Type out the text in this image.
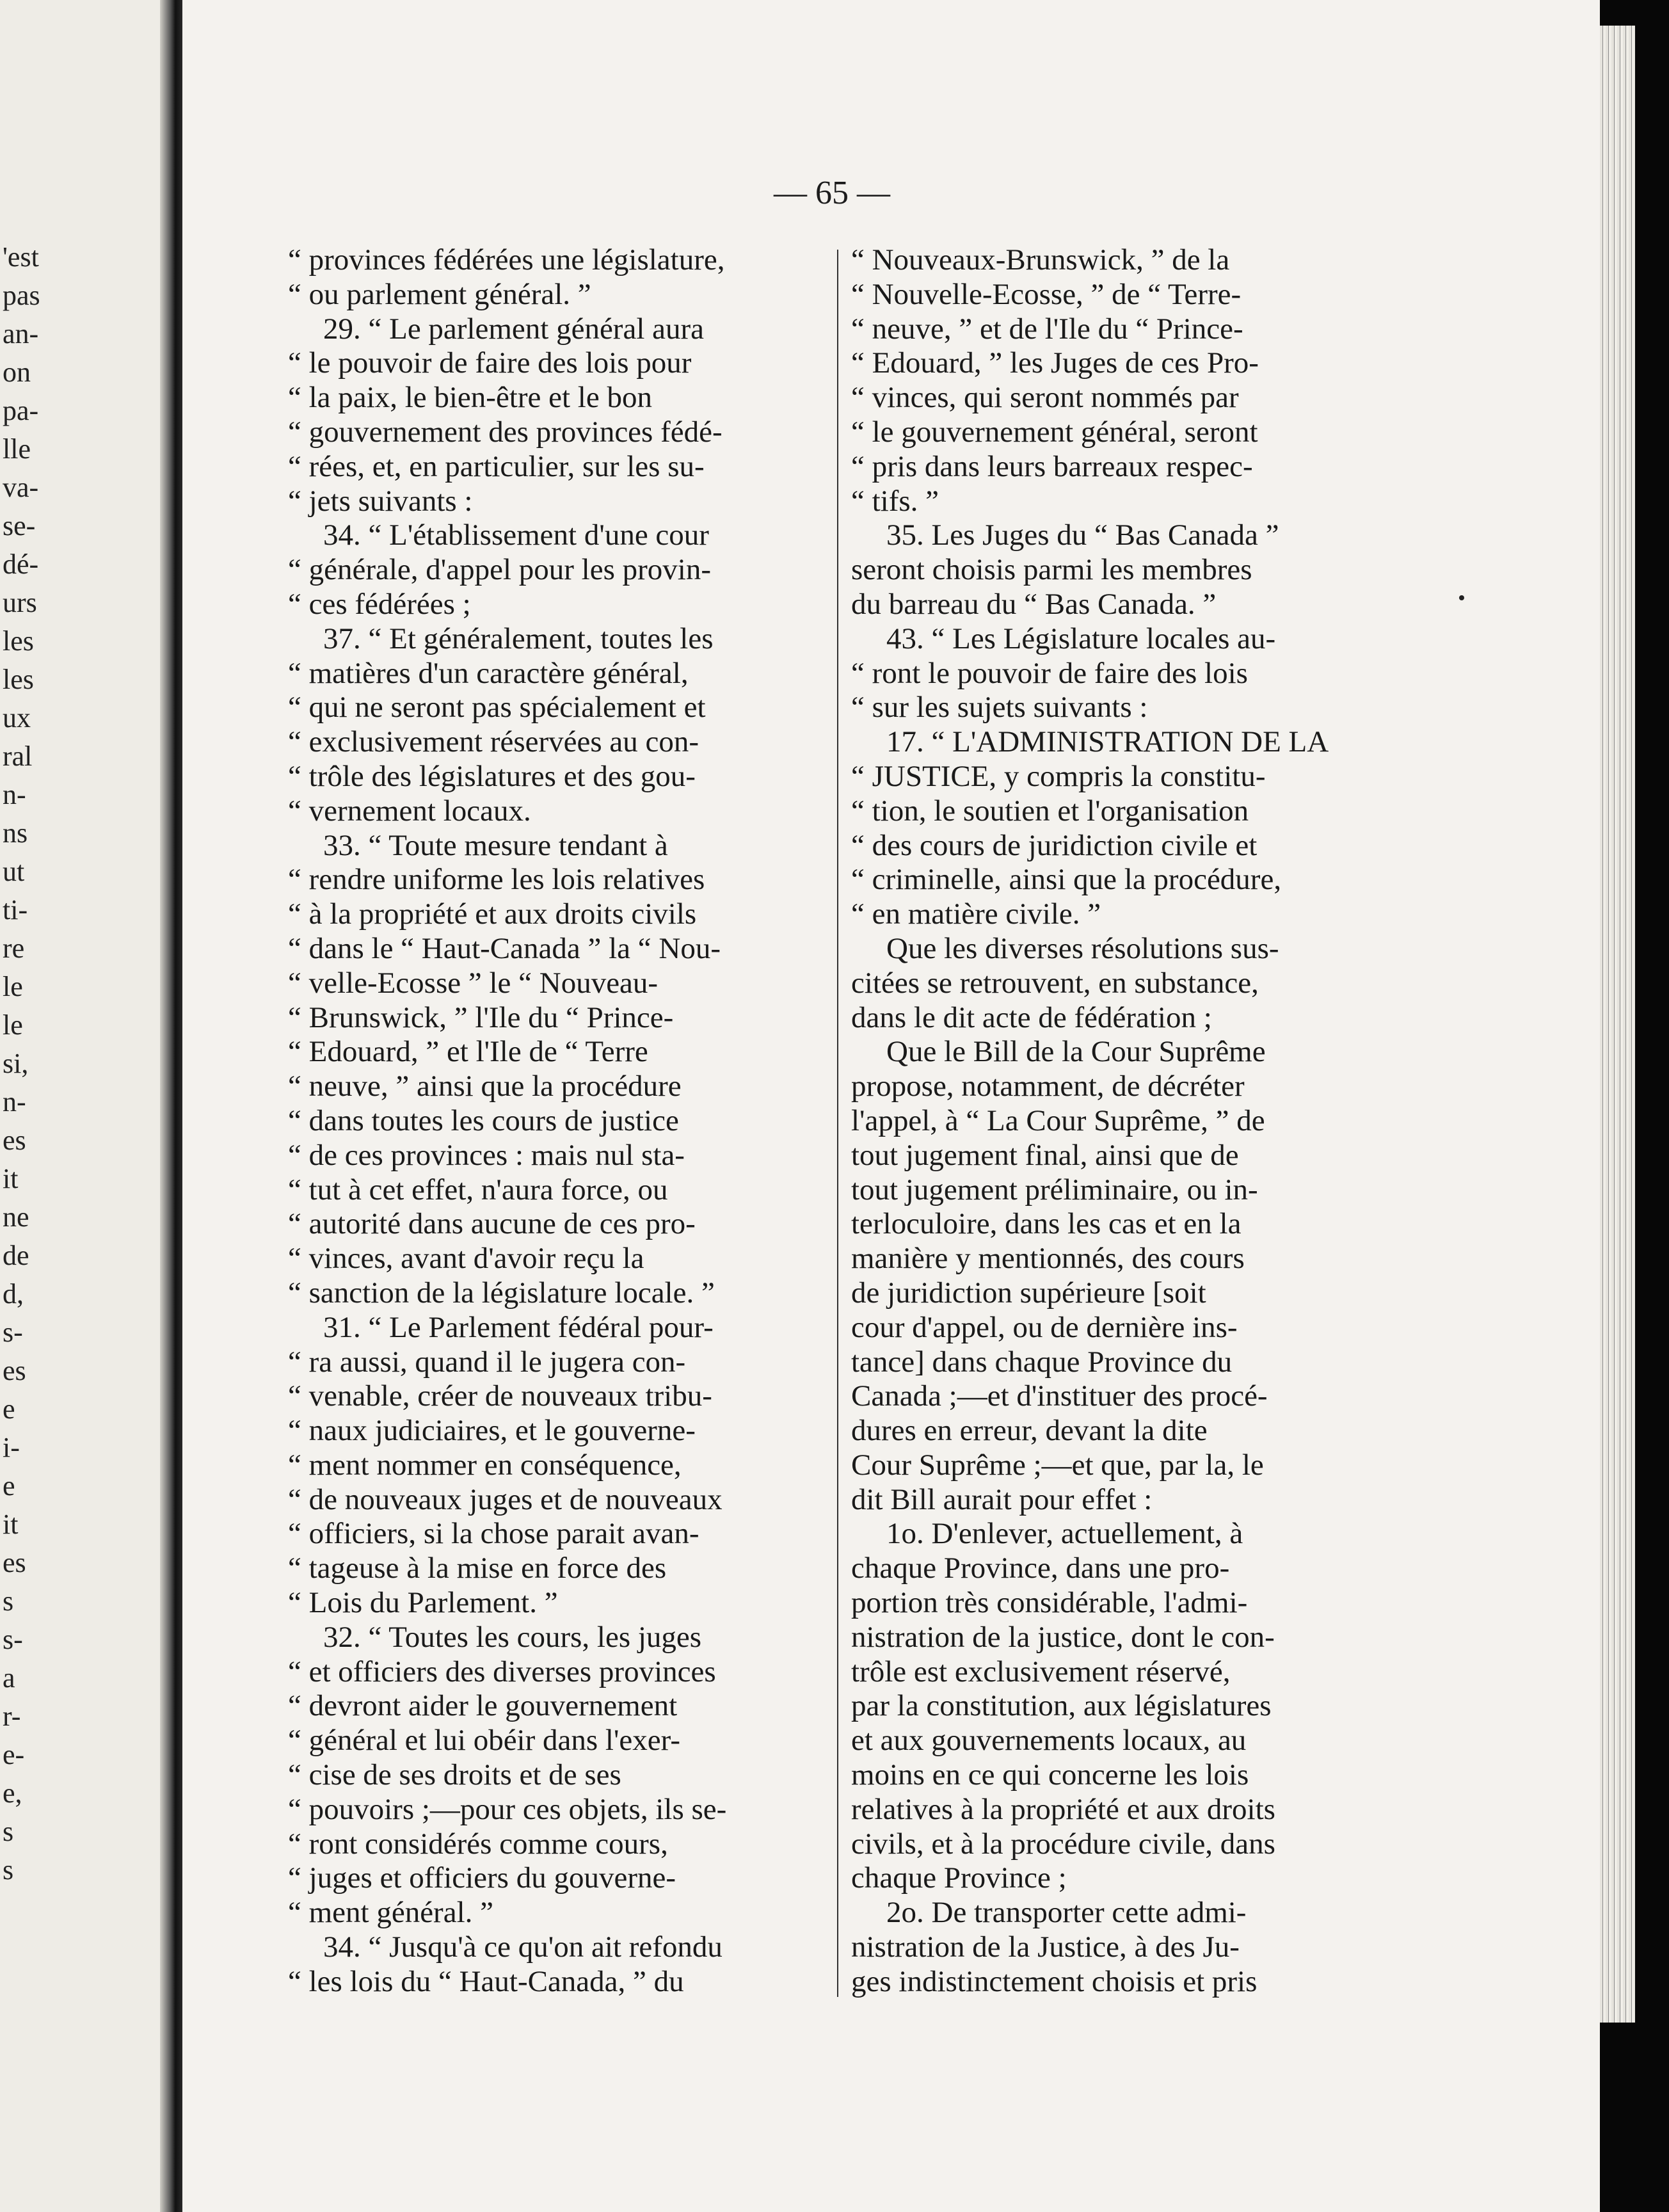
'est
pas
an-
on
pa-
lle
va-
se-
dé-
urs
les
les
ux
ral
n-
ns
ut
ti-
re
le
le
si,
n-
es
it
ne
de
d,
s-
es
e
i-
e
it
es
s
s-
a
r-
e-
e,
s
s
— 65 —
“ provinces fédérées une législature,
“ ou parlement général. ”
29. “ Le parlement général aura
“ le pouvoir de faire des lois pour
“ la paix, le bien-être et le bon
“ gouvernement des provinces fédé-
“ rées, et, en particulier, sur les su-
“ jets suivants :
34. “ L'établissement d'une cour
“ générale, d'appel pour les provin-
“ ces fédérées ;
37. “ Et généralement, toutes les
“ matières d'un caractère général,
“ qui ne seront pas spécialement et
“ exclusivement réservées au con-
“ trôle des législatures et des gou-
“ vernement locaux.
33. “ Toute mesure tendant à
“ rendre uniforme les lois relatives
“ à la propriété et aux droits civils
“ dans le “ Haut-Canada ” la “ Nou-
“ velle-Ecosse ” le “ Nouveau-
“ Brunswick, ” l'Ile du “ Prince-
“ Edouard, ” et l'Ile de “ Terre
“ neuve, ” ainsi que la procédure
“ dans toutes les cours de justice
“ de ces provinces : mais nul sta-
“ tut à cet effet, n'aura force, ou
“ autorité dans aucune de ces pro-
“ vinces, avant d'avoir reçu la
“ sanction de la législature locale. ”
31. “ Le Parlement fédéral pour-
“ ra aussi, quand il le jugera con-
“ venable, créer de nouveaux tribu-
“ naux judiciaires, et le gouverne-
“ ment nommer en conséquence,
“ de nouveaux juges et de nouveaux
“ officiers, si la chose parait avan-
“ tageuse à la mise en force des
“ Lois du Parlement. ”
32. “ Toutes les cours, les juges
“ et officiers des diverses provinces
“ devront aider le gouvernement
“ général et lui obéir dans l'exer-
“ cise de ses droits et de ses
“ pouvoirs ;—pour ces objets, ils se-
“ ront considérés comme cours,
“ juges et officiers du gouverne-
“ ment général. ”
34. “ Jusqu'à ce qu'on ait refondu
“ les lois du “ Haut-Canada, ” du
“ Nouveaux-Brunswick, ” de la
“ Nouvelle-Ecosse, ” de “ Terre-
“ neuve, ” et de l'Ile du “ Prince-
“ Edouard, ” les Juges de ces Pro-
“ vinces, qui seront nommés par
“ le gouvernement général, seront
“ pris dans leurs barreaux respec-
“ tifs. ”
35. Les Juges du “ Bas Canada ”
seront choisis parmi les membres
du barreau du “ Bas Canada. ”
43. “ Les Législature locales au-
“ ront le pouvoir de faire des lois
“ sur les sujets suivants :
17. “ L'ADMINISTRATION DE LA
“ JUSTICE, y compris la constitu-
“ tion, le soutien et l'organisation
“ des cours de juridiction civile et
“ criminelle, ainsi que la procédure,
“ en matière civile. ”
Que les diverses résolutions sus-
citées se retrouvent, en substance,
dans le dit acte de fédération ;
Que le Bill de la Cour Suprême
propose, notamment, de décréter
l'appel, à “ La Cour Suprême, ” de
tout jugement final, ainsi que de
tout jugement préliminaire, ou in-
terloculoire, dans les cas et en la
manière y mentionnés, des cours
de juridiction supérieure [soit
cour d'appel, ou de dernière ins-
tance] dans chaque Province du
Canada ;—et d'instituer des procé-
dures en erreur, devant la dite
Cour Suprême ;—et que, par la, le
dit Bill aurait pour effet :
1o. D'enlever, actuellement, à
chaque Province, dans une pro-
portion très considérable, l'admi-
nistration de la justice, dont le con-
trôle est exclusivement réservé,
par la constitution, aux législatures
et aux gouvernements locaux, au
moins en ce qui concerne les lois
relatives à la propriété et aux droits
civils, et à la procédure civile, dans
chaque Province ;
2o. De transporter cette admi-
nistration de la Justice, à des Ju-
ges indistinctement choisis et pris
